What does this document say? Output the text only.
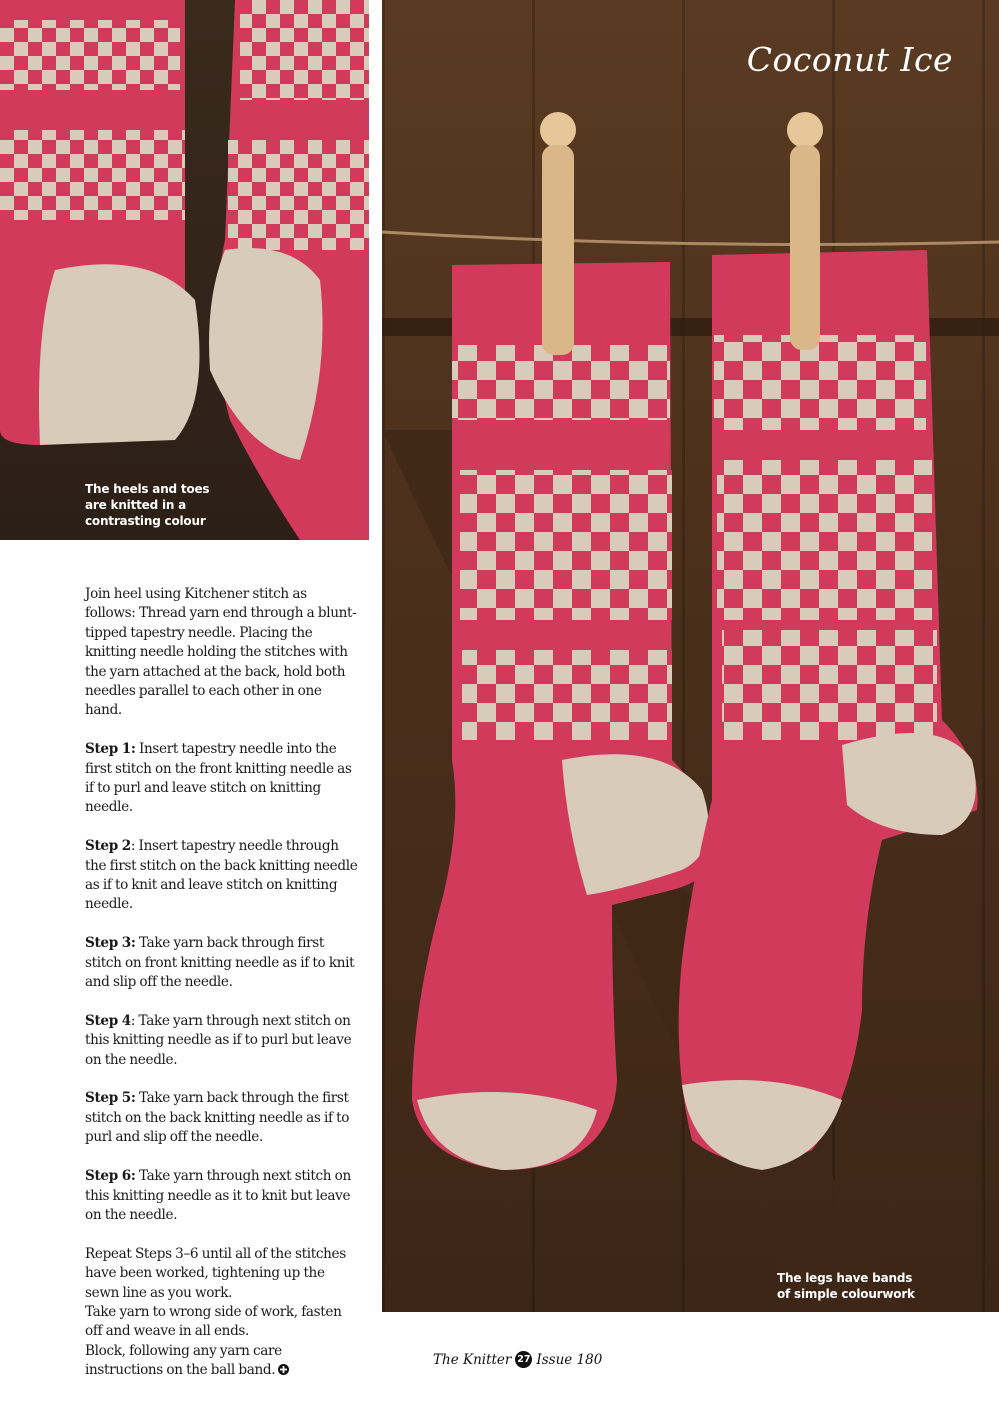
The heels and toes are knitted in a contrasting colour
Coconut Ice
The legs have bands of simple colourwork

Join heel using Kitchener stitch as follows: Thread yarn end through a blunt-tipped tapestry needle. Placing the knitting needle holding the stitches with the yarn attached at the back, hold both needles parallel to each other in one hand.

Step 1: Insert tapestry needle into the first stitch on the front knitting needle as if to purl and leave stitch on knitting needle.

Step 2: Insert tapestry needle through the first stitch on the back knitting needle as if to knit and leave stitch on knitting needle.

Step 3: Take yarn back through first stitch on front knitting needle as if to knit and slip off the needle.

Step 4: Take yarn through next stitch on this knitting needle as if to purl but leave on the needle.

Step 5: Take yarn back through the first stitch on the back knitting needle as if to purl and slip off the needle.

Step 6: Take yarn through next stitch on this knitting needle as it to knit but leave on the needle.

Repeat Steps 3–6 until all of the stitches have been worked, tightening up the sewn line as you work.

Take yarn to wrong side of work, fasten off and weave in all ends.

Block, following any yarn care instructions on the ball band.

The Knitter 27 Issue 180
